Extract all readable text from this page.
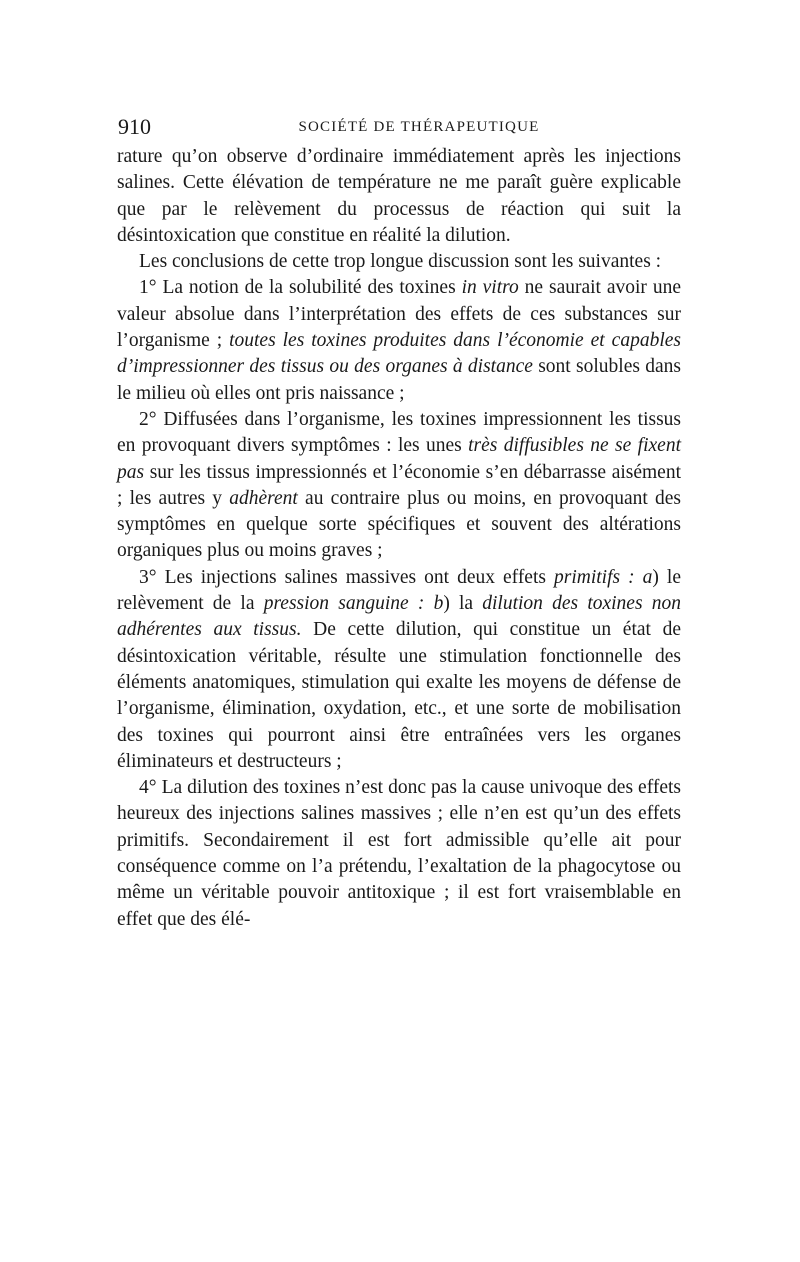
910	SOCIÉTÉ DE THÉRAPEUTIQUE

rature qu’on observe d’ordinaire immédiatement après les injections salines. Cette élévation de température ne me paraît guère explicable que par le relèvement du processus de réaction qui suit la désintoxication que constitue en réalité la dilution.

Les conclusions de cette trop longue discussion sont les suivantes :

1° La notion de la solubilité des toxines in vitro ne saurait avoir une valeur absolue dans l’interprétation des effets de ces substances sur l’organisme ; toutes les toxines produites dans l’économie et capables d’impressionner des tissus ou des organes à distance sont solubles dans le milieu où elles ont pris naissance ;

2° Diffusées dans l’organisme, les toxines impressionnent les tissus en provoquant divers symptômes : les unes très diffusibles ne se fixent pas sur les tissus impressionnés et l’économie s’en débarrasse aisément ; les autres y adhèrent au contraire plus ou moins, en provoquant des symptômes en quelque sorte spécifiques et souvent des altérations organiques plus ou moins graves ;

3° Les injections salines massives ont deux effets primitifs : a) le relèvement de la pression sanguine : b) la dilution des toxines non adhérentes aux tissus. De cette dilution, qui constitue un état de désintoxication véritable, résulte une stimulation fonctionnelle des éléments anatomiques, stimulation qui exalte les moyens de défense de l’organisme, élimination, oxydation, etc., et une sorte de mobilisation des toxines qui pourront ainsi être entraînées vers les organes éliminateurs et destructeurs ;

4° La dilution des toxines n’est donc pas la cause univoque des effets heureux des injections salines massives ; elle n’en est qu’un des effets primitifs. Secondairement il est fort admissible qu’elle ait pour conséquence comme on l’a prétendu, l’exaltation de la phagocytose ou même un véritable pouvoir antitoxique ; il est fort vraisemblable en effet que des élé-
